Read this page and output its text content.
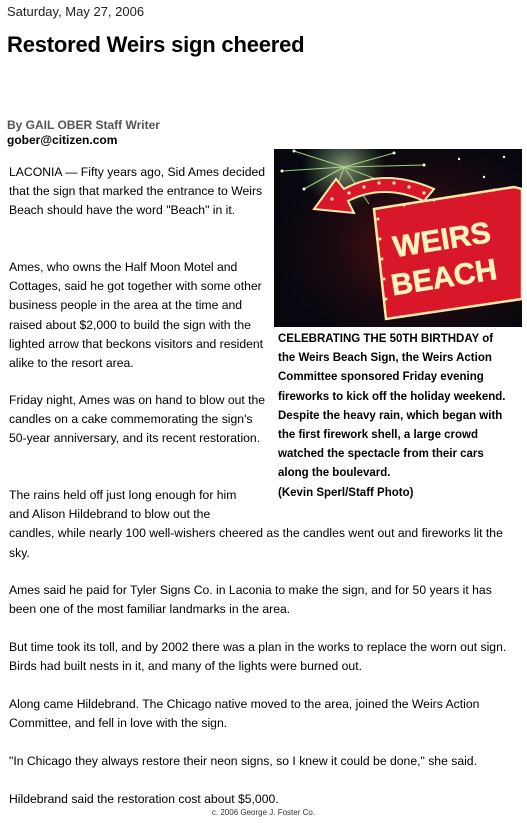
Saturday, May 27, 2006
Restored Weirs sign cheered
By GAIL OBER Staff Writer
gober@citizen.com

LACONIA — Fifty years ago, Sid Ames decided that the sign that marked the entrance to Weirs Beach should have the word "Beach" in it.

Ames, who owns the Half Moon Motel and Cottages, said he got together with some other business people in the area at the time and raised about $2,000 to build the sign with the lighted arrow that beckons visitors and resident alike to the resort area.

Friday night, Ames was on hand to blow out the candles on a cake commemorating the sign's 50-year anniversary, and its recent restoration.

The rains held off just long enough for him
and Alison Hildebrand to blow out the
candles, while nearly 100 well-wishers cheered as the candles went out and fireworks lit the sky.

Ames said he paid for Tyler Signs Co. in Laconia to make the sign, and for 50 years it has been one of the most familiar landmarks in the area.

But time took its toll, and by 2002 there was a plan in the works to replace the worn out sign. Birds had built nests in it, and many of the lights were burned out.

Along came Hildebrand. The Chicago native moved to the area, joined the Weirs Action Committee, and fell in love with the sign.

"In Chicago they always restore their neon signs, so I knew it could be done," she said.

Hildebrand said the restoration cost about $5,000.

WEIRS
BEACH
CELEBRATING THE 50TH BIRTHDAY of
the Weirs Beach Sign, the Weirs Action
Committee sponsored Friday evening
fireworks to kick off the holiday weekend.
Despite the heavy rain, which began with
the first firework shell, a large crowd
watched the spectacle from their cars
along the boulevard.
(Kevin Sperl/Staff Photo)
c. 2006 George J. Foster Co.
